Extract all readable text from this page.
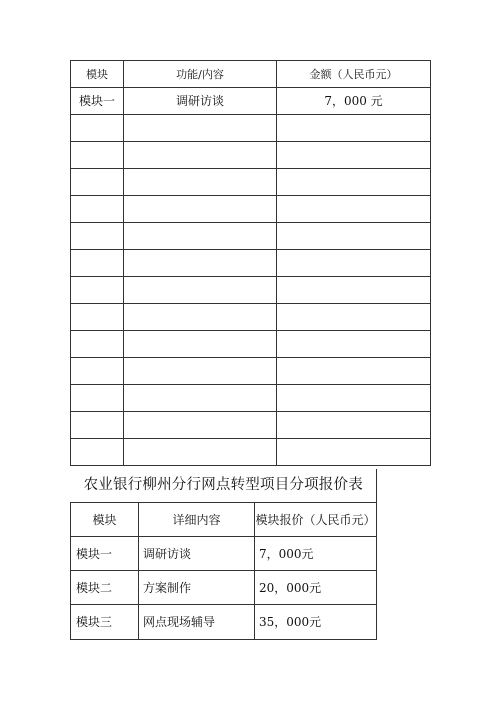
模块	功能/内容	金额（人民币元）
模块一	调研访谈	7，000 元

农业银行柳州分行网点转型项目分项报价表		
模块	详细内容	模块报价（人民币元）
模块一	调研访谈	7，000元
模块二	方案制作	20，000元
模块三	网点现场辅导	35，000元
